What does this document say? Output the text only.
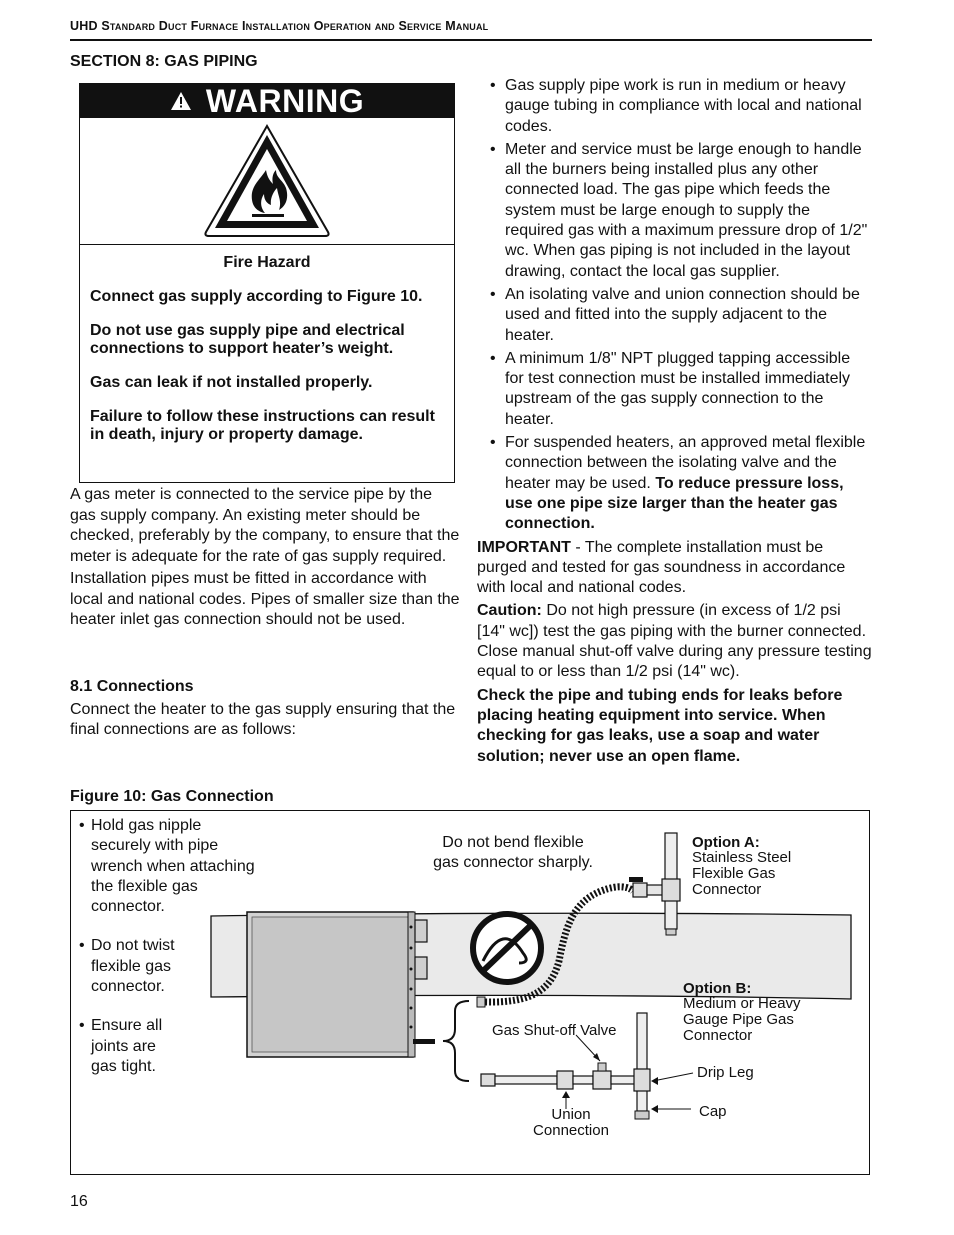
UHD Standard Duct Furnace Installation Operation and Service Manual
SECTION 8: GAS PIPING
WARNING
Fire Hazard

Connect gas supply according to Figure 10.

Do not use gas supply pipe and electrical connections to support heater’s weight.

Gas can leak if not installed properly.

Failure to follow these instructions can result in death, injury or property damage.

A gas meter is connected to the service pipe by the gas supply company. An existing meter should be checked, preferably by the company, to ensure that the meter is adequate for the rate of gas supply required.

Installation pipes must be fitted in accordance with local and national codes. Pipes of smaller size than the heater inlet gas connection should not be used.

8.1 Connections

Connect the heater to the gas supply ensuring that the final connections are as follows:

• Gas supply pipe work is run in medium or heavy gauge tubing in compliance with local and national codes.
• Meter and service must be large enough to handle all the burners being installed plus any other connected load. The gas pipe which feeds the system must be large enough to supply the required gas with a maximum pressure drop of 1/2" wc. When gas piping is not included in the layout drawing, contact the local gas supplier.
• An isolating valve and union connection should be used and fitted into the supply adjacent to the heater.
• A minimum 1/8" NPT plugged tapping accessible for test connection must be installed immediately upstream of the gas supply connection to the heater.
• For suspended heaters, an approved metal flexible connection between the isolating valve and the heater may be used. To reduce pressure loss, use one pipe size larger than the heater gas connection.

IMPORTANT - The complete installation must be purged and tested for gas soundness in accordance with local and national codes.

Caution: Do not high pressure (in excess of 1/2 psi [14" wc]) test the gas piping with the burner connected. Close manual shut-off valve during any pressure testing equal to or less than 1/2 psi (14" wc).

Check the pipe and tubing ends for leaks before placing heating equipment into service. When checking for gas leaks, use a soap and water solution; never use an open flame.

Figure 10: Gas Connection
• Hold gas nipple securely with pipe wrench when attaching the flexible gas connector.
• Do not twist flexible gas connector.
• Ensure all joints are gas tight.
Do not bend flexible gas connector sharply.
Option A:
Stainless Steel Flexible Gas Connector
Option B:
Medium or Heavy Gauge Pipe Gas Connector
Gas Shut-off Valve
Drip Leg
Cap
Union Connection
16
